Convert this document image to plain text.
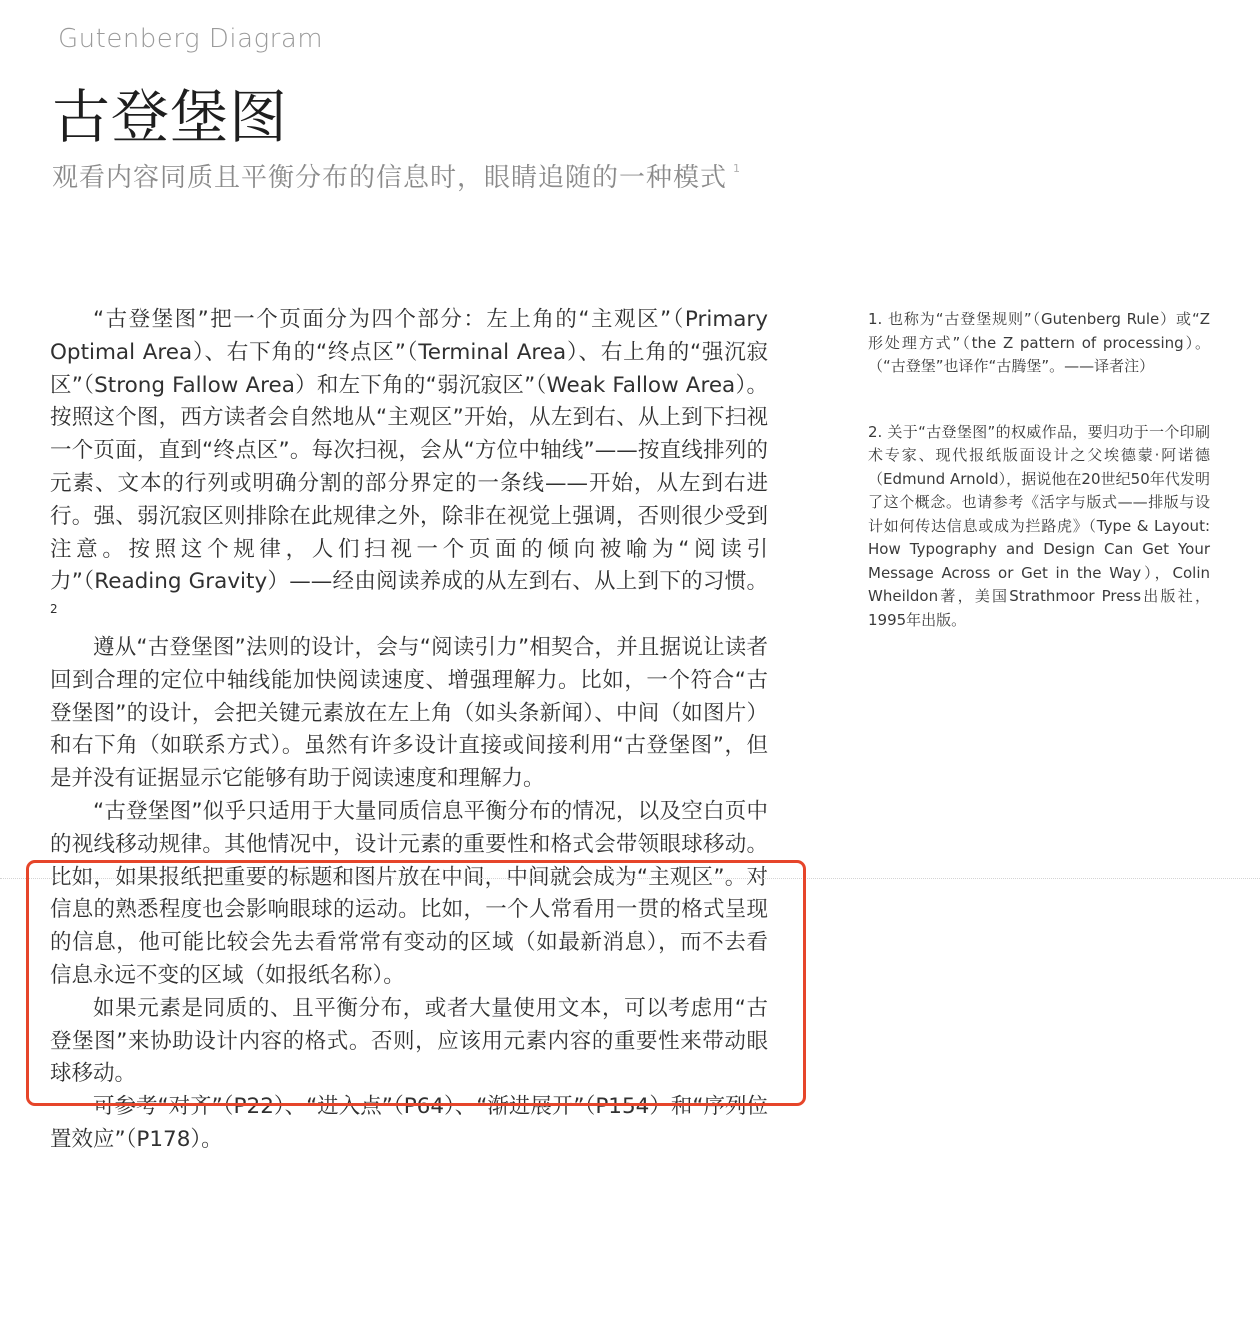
Gutenberg Diagram
古登堡图
观看内容同质且平衡分布的信息时，眼睛追随的一种模式 $^1$

“古登堡图”把一个页面分为四个部分：左上角的“主观区”（Primary Optimal Area）、右下角的“终点区”（Terminal Area）、右上角的“强沉寂区”（Strong Fallow Area）和左下角的“弱沉寂区”（Weak Fallow Area）。按照这个图，西方读者会自然地从“主观区”开始，从左到右、从上到下扫视一个页面，直到“终点区”。每次扫视，会从“方位中轴线”——按直线排列的元素、文本的行列或明确分割的部分界定的一条线——开始，从左到右进行。强、弱沉寂区则排除在此规律之外，除非在视觉上强调，否则很少受到注意。按照这个规律，人们扫视一个页面的倾向被喻为“阅读引力”（Reading Gravity）——经由阅读养成的从左到右、从上到下的习惯。$^2$

遵从“古登堡图”法则的设计，会与“阅读引力”相契合，并且据说让读者回到合理的定位中轴线能加快阅读速度、增强理解力。比如，一个符合“古登堡图”的设计，会把关键元素放在左上角（如头条新闻）、中间（如图片）和右下角（如联系方式）。虽然有许多设计直接或间接利用“古登堡图”，但是并没有证据显示它能够有助于阅读速度和理解力。

“古登堡图”似乎只适用于大量同质信息平衡分布的情况，以及空白页中的视线移动规律。其他情况中，设计元素的重要性和格式会带领眼球移动。比如，如果报纸把重要的标题和图片放在中间，中间就会成为“主观区”。对信息的熟悉程度也会影响眼球的运动。比如，一个人常看用一贯的格式呈现的信息，他可能比较会先去看常常有变动的区域（如最新消息），而不去看信息永远不变的区域（如报纸名称）。

如果元素是同质的、且平衡分布，或者大量使用文本，可以考虑用“古登堡图”来协助设计内容的格式。否则，应该用元素内容的重要性来带动眼球移动。

可参考“对齐”（P22）、“进入点”（P64）、“渐进展开”（P154）和“序列位置效应”（P178）。

1. 也称为“古登堡规则”（Gutenberg Rule）或“Z形处理方式”（the Z pattern of processing）。（“古登堡”也译作“古腾堡”。——译者注）
2. 关于“古登堡图”的权威作品，要归功于一个印刷术专家、现代报纸版面设计之父埃德蒙·阿诺德（Edmund Arnold），据说他在20世纪50年代发明了这个概念。也请参考《活字与版式——排版与设计如何传达信息或成为拦路虎》（Type & Layout: How Typography and Design Can Get Your Message Across or Get in the Way），Colin Wheildon著，美国Strathmoor Press出版社，1995年出版。
